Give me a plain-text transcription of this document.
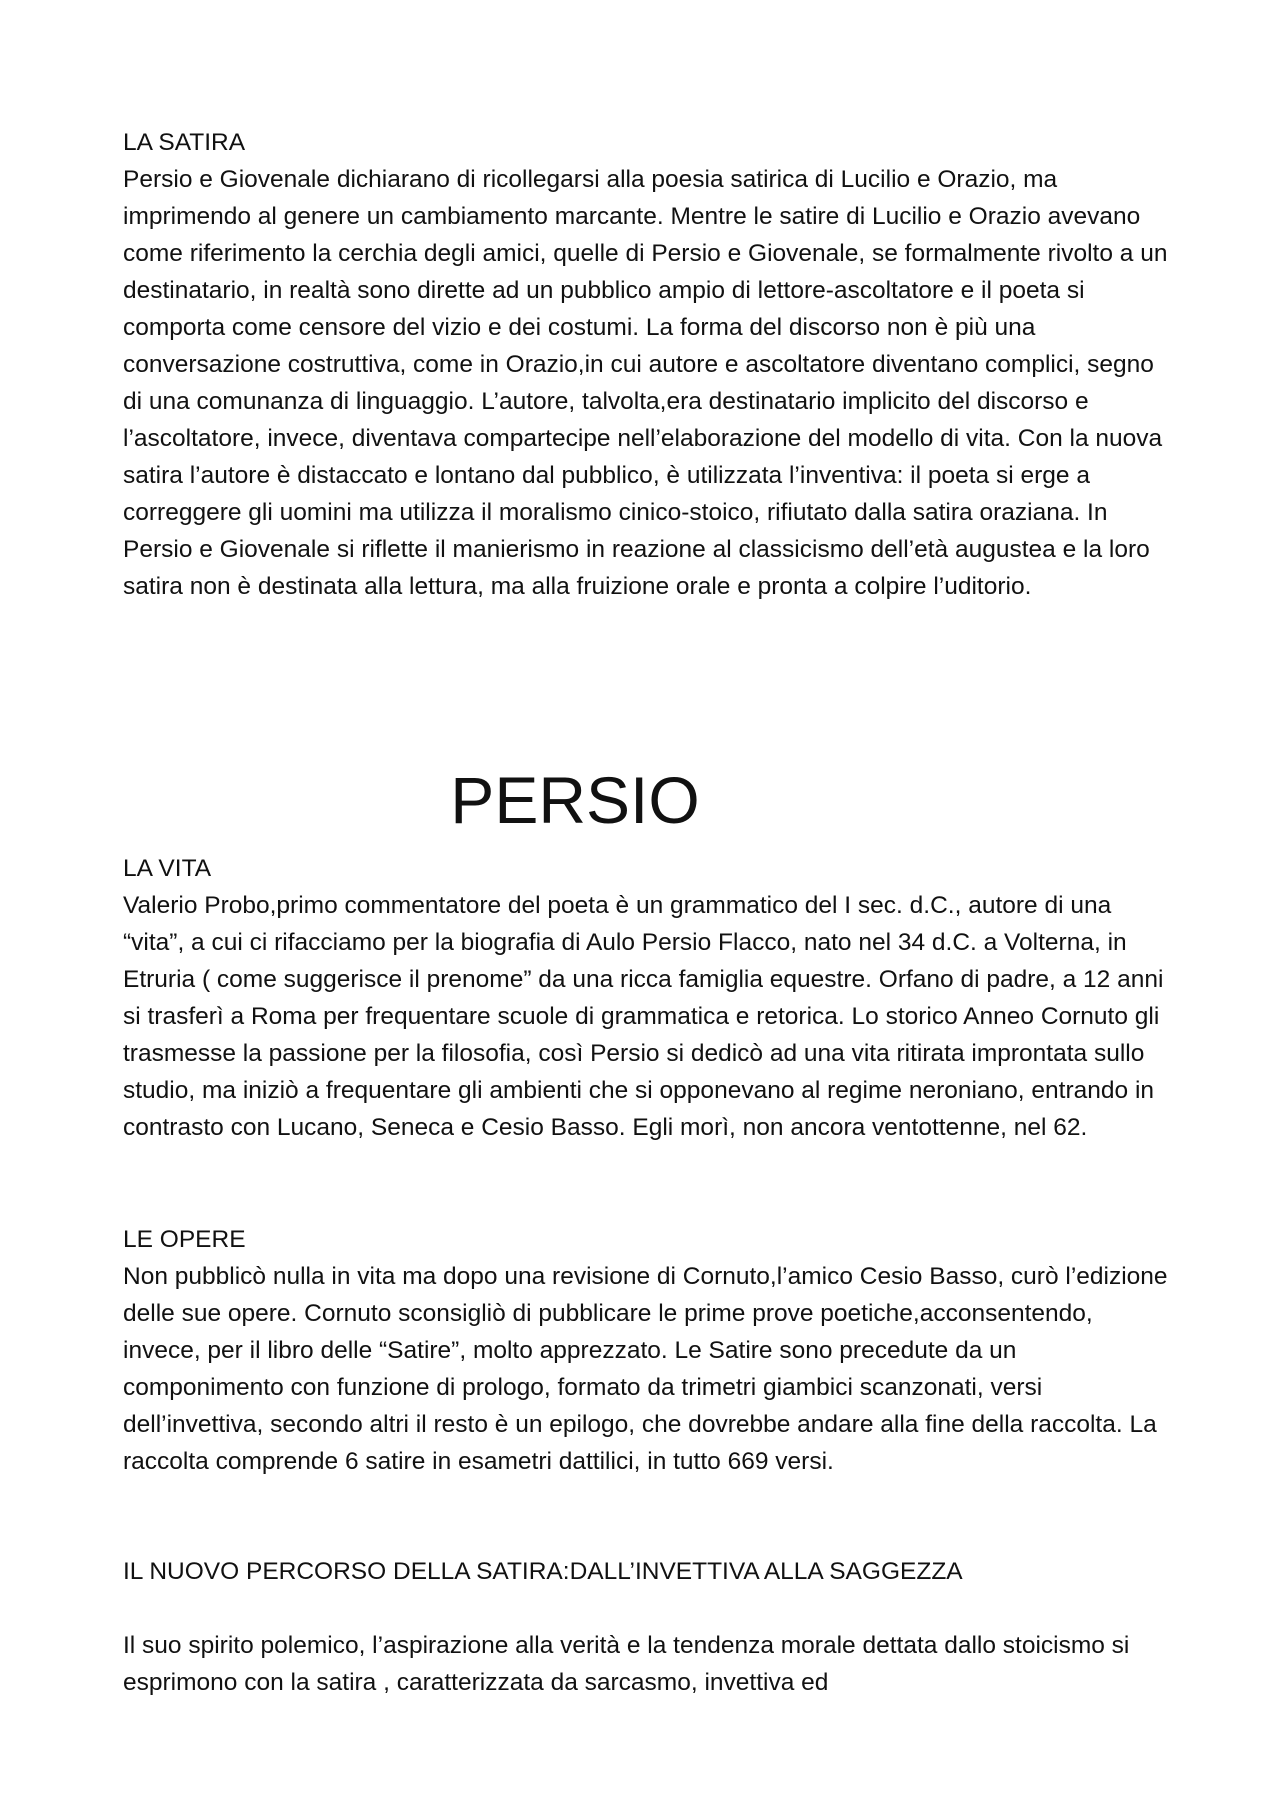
LA SATIRA

Persio e Giovenale dichiarano di ricollegarsi alla poesia satirica di Lucilio e Orazio, ma imprimendo al genere un cambiamento marcante. Mentre le satire di Lucilio e Orazio avevano come riferimento la cerchia degli amici, quelle di Persio e Giovenale, se formalmente rivolto a un destinatario, in realtà sono dirette ad un pubblico ampio di lettore-ascoltatore e il poeta si comporta come censore del vizio e dei costumi. La forma del discorso non è più una conversazione costruttiva, come in Orazio,in cui autore e ascoltatore diventano complici, segno di una comunanza di linguaggio. L’autore, talvolta,era destinatario implicito del discorso e l’ascoltatore, invece, diventava compartecipe nell’elaborazione del modello di vita. Con la nuova satira l’autore è distaccato e lontano dal pubblico, è utilizzata l’inventiva: il poeta si erge a correggere gli uomini ma utilizza il moralismo cinico-stoico, rifiutato dalla satira oraziana. In Persio e Giovenale si riflette il manierismo in reazione al classicismo dell’età augustea e la loro satira non è destinata alla lettura, ma alla fruizione orale e pronta a colpire l’uditorio.

LA VITA

Valerio Probo,primo commentatore del poeta è un grammatico del I sec. d.C., autore di una “vita”, a cui ci rifacciamo per la biografia di Aulo Persio Flacco, nato nel 34 d.C. a Volterna, in Etruria ( come suggerisce il prenome” da una ricca famiglia equestre. Orfano di padre, a 12 anni si trasferì a Roma per frequentare scuole di grammatica e retorica. Lo storico Anneo Cornuto gli trasmesse la passione per la filosofia, così Persio si dedicò ad una vita ritirata improntata sullo studio, ma iniziò a frequentare gli ambienti che si opponevano al regime neroniano, entrando in contrasto con Lucano, Seneca e Cesio Basso. Egli morì, non ancora ventottenne, nel 62.

LE OPERE

Non pubblicò nulla in vita ma dopo una revisione di Cornuto,l’amico Cesio Basso, curò l’edizione delle sue opere. Cornuto sconsigliò di pubblicare le prime prove poetiche,acconsentendo, invece, per il libro delle “Satire”, molto apprezzato. Le Satire sono precedute da un componimento con funzione di prologo, formato da trimetri giambici scanzonati, versi dell’invettiva, secondo altri il resto è un epilogo, che dovrebbe andare alla fine della raccolta. La raccolta comprende 6 satire in esametri dattilici, in tutto 669 versi.

IL NUOVO PERCORSO DELLA SATIRA:DALL’INVETTIVA ALLA SAGGEZZA

Il suo spirito polemico, l’aspirazione alla verità e la tendenza morale dettata dallo stoicismo si esprimono con la satira , caratterizzata da sarcasmo, invettiva ed

PERSIO
